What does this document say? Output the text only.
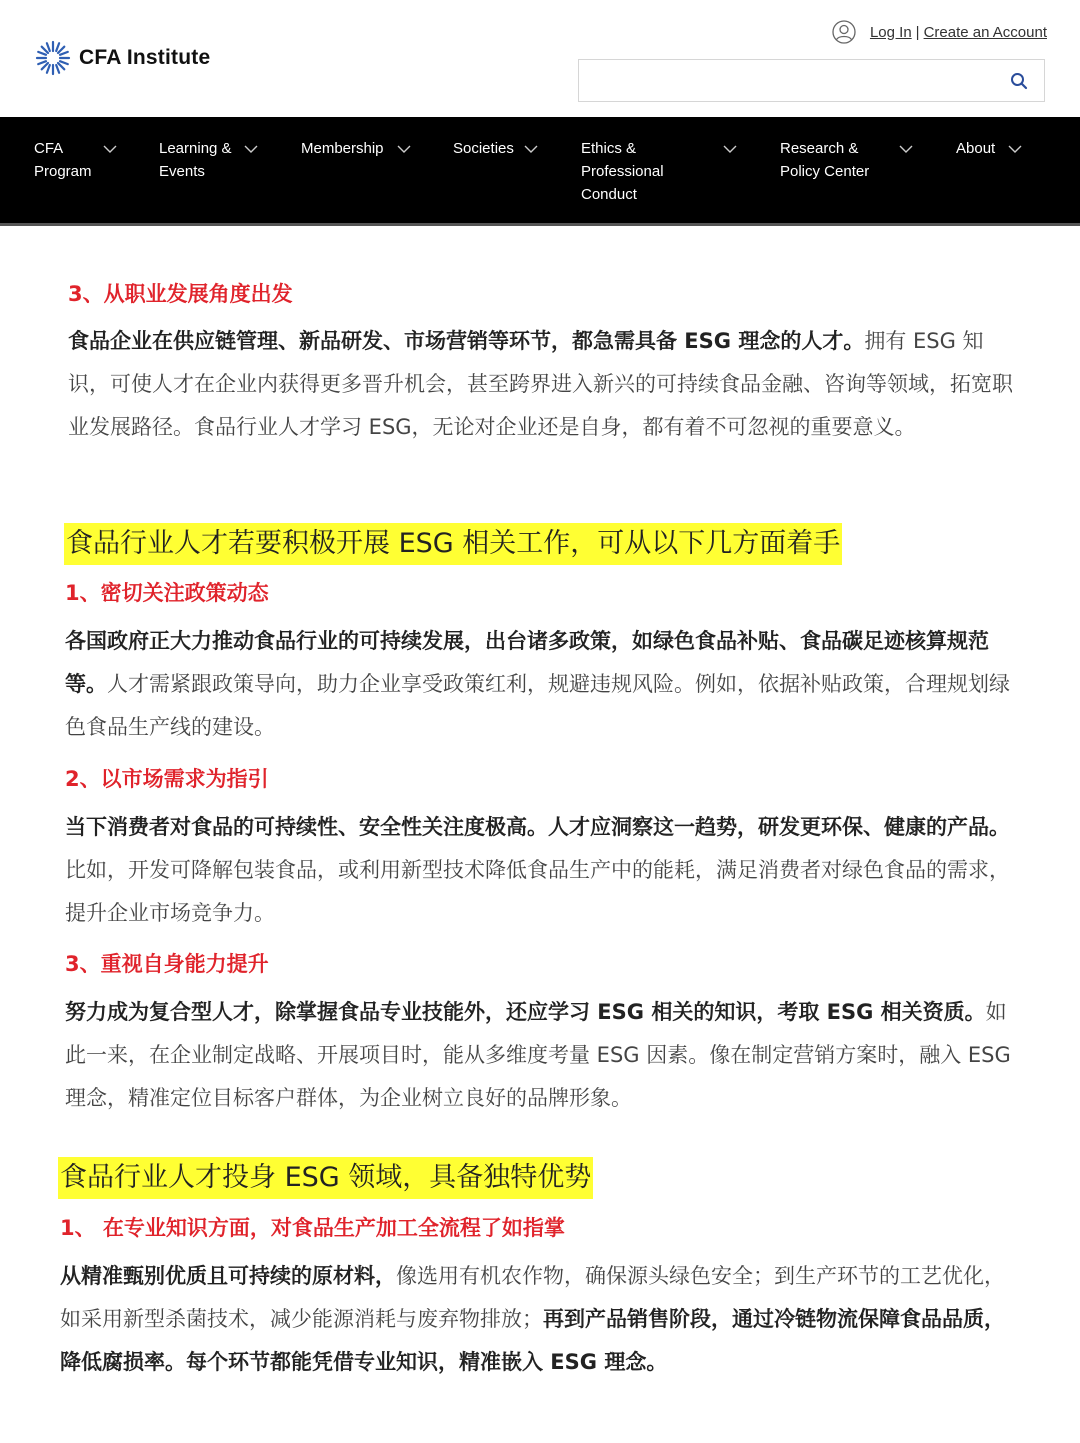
CFA Institute
Log In | Create an Account
CFA
Program
Learning &
Events
Membership	Societies	Ethics &
Professional
Conduct
Research &
Policy Center
About
3、从职业发展角度出发
食品企业在供应链管理、新品研发、市场营销等环节，都急需具备 ESG 理念的人才。拥有 ESG 知识，可使人才在企业内获得更多晋升机会，甚至跨界进入新兴的可持续食品金融、咨询等领域，拓宽职业发展路径。食品行业人才学习 ESG，无论对企业还是自身，都有着不可忽视的重要意义。
食品行业人才若要积极开展 ESG 相关工作，可从以下几方面着手
1、密切关注政策动态
各国政府正大力推动食品行业的可持续发展，出台诸多政策，如绿色食品补贴、食品碳足迹核算规范等。人才需紧跟政策导向，助力企业享受政策红利，规避违规风险。例如，依据补贴政策，合理规划绿色食品生产线的建设。
2、以市场需求为指引
当下消费者对食品的可持续性、安全性关注度极高。人才应洞察这一趋势，研发更环保、健康的产品。比如，开发可降解包装食品，或利用新型技术降低食品生产中的能耗，满足消费者对绿色食品的需求，提升企业市场竞争力。
3、重视自身能力提升
努力成为复合型人才，除掌握食品专业技能外，还应学习 ESG 相关的知识，考取 ESG 相关资质。如此一来，在企业制定战略、开展项目时，能从多维度考量 ESG 因素。像在制定营销方案时，融入 ESG 理念，精准定位目标客户群体，为企业树立良好的品牌形象。
食品行业人才投身 ESG 领域，具备独特优势
1、 在专业知识方面，对食品生产加工全流程了如指掌
从精准甄别优质且可持续的原材料，像选用有机农作物，确保源头绿色安全；到生产环节的工艺优化，如采用新型杀菌技术，减少能源消耗与废弃物排放；再到产品销售阶段，通过冷链物流保障食品品质，降低腐损率。每个环节都能凭借专业知识，精准嵌入 ESG 理念。
